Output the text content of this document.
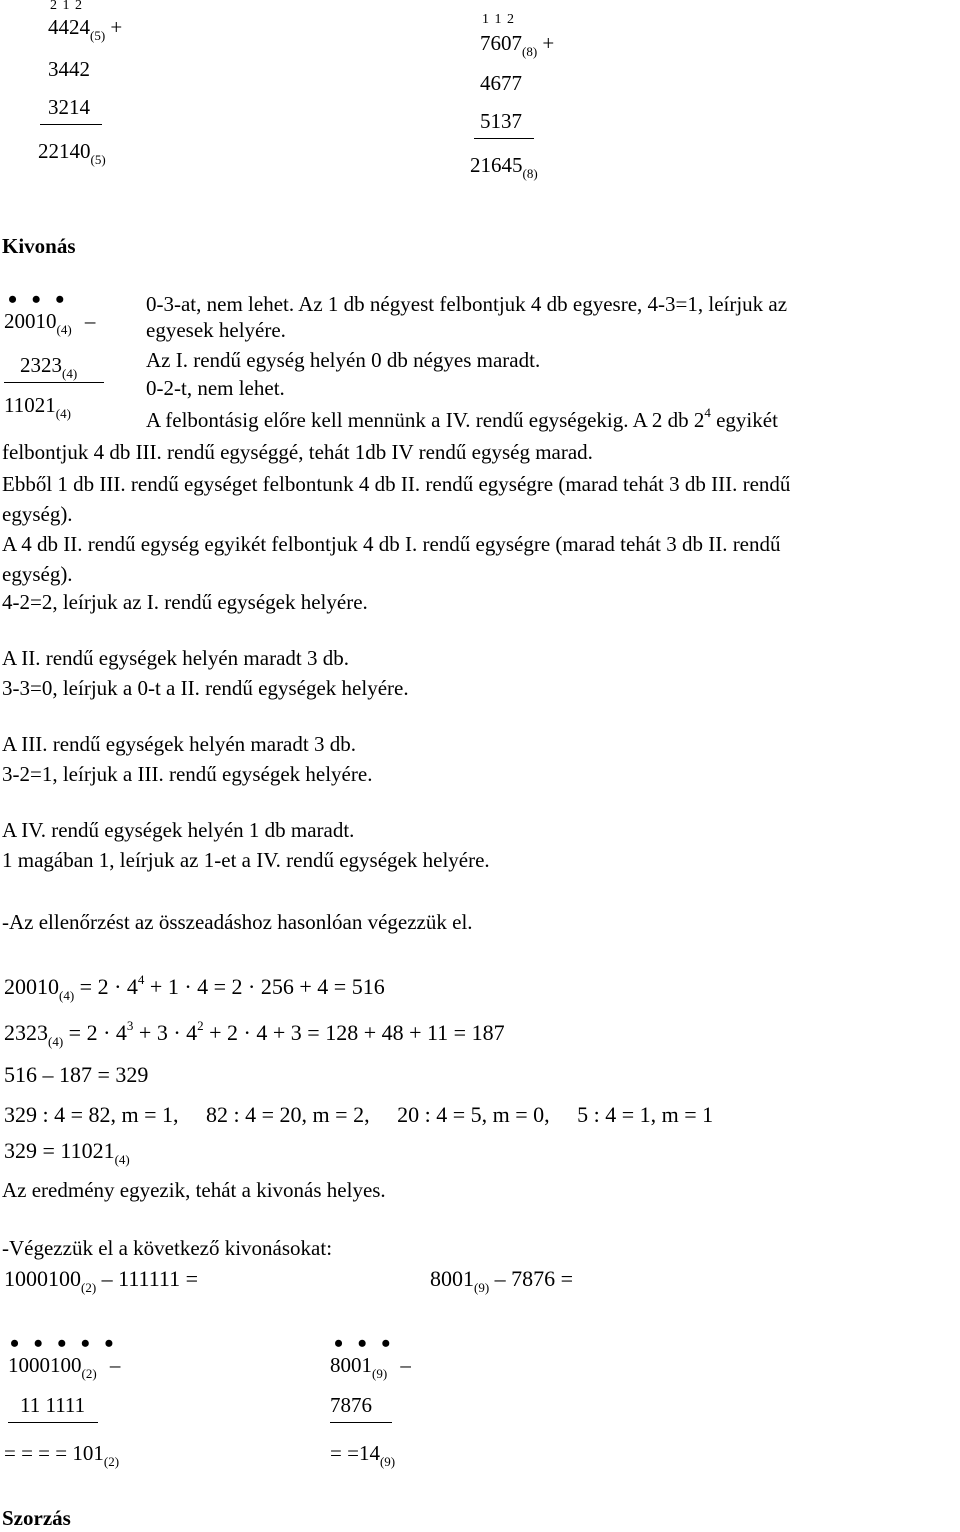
2 1 2
$4424_{(5)}$ +
3442
3214
$22140_{(5)}$
1 1 2
$7607_{(8)}$ +
4677
5137
$21645_{(8)}$
Kivonás
• • •
$20010_{(4)}$ –
$2323_{(4)}$
$11021_{(4)}$
0-3-at, nem lehet. Az 1 db négyest felbontjuk 4 db egyesre, 4-3=1, leírjuk az
egyesek helyére.
Az I. rendű egység helyén 0 db négyes maradt.
0-2-t, nem lehet.
A felbontásig előre kell mennünk a IV. rendű egységekig. A 2 db $2^4$ egyikét
felbontjuk 4 db III. rendű egységgé, tehát 1db IV rendű egység marad.
Ebből 1 db III. rendű egységet felbontunk 4 db II. rendű egységre (marad tehát 3 db III. rendű
egység).
A 4 db II. rendű egység egyikét felbontjuk 4 db I. rendű egységre (marad tehát 3 db II. rendű
egység).
4-2=2, leírjuk az I. rendű egységek helyére.
A II. rendű egységek helyén maradt 3 db.
3-3=0, leírjuk a 0-t a II. rendű egységek helyére.
A III. rendű egységek helyén maradt 3 db.
3-2=1, leírjuk a III. rendű egységek helyére.
A IV. rendű egységek helyén 1 db maradt.
1 magában 1, leírjuk az 1-et a IV. rendű egységek helyére.
-Az ellenőrzést az összeadáshoz hasonlóan végezzük el.
$20010_{(4)} = 2 \cdot 4^4 + 1 \cdot 4 = 2 \cdot 256 + 4 = 516$
$2323_{(4)} = 2 \cdot 4^3 + 3 \cdot 4^2 + 2 \cdot 4 + 3 = 128 + 48 + 11 = 187$
516 – 187 = 329
329 : 4 = 82, m = 1,     82 : 4 = 20, m = 2,     20 : 4 = 5, m = 0,     5 : 4 = 1, m = 1
$329 = 11021_{(4)}$
Az eredmény egyezik, tehát a kivonás helyes.
-Végezzük el a következő kivonásokat:
$1000100_{(2)} - 111111$ =	$8001_{(9)} - 7876$ =
• • • • •
$1000100_{(2)}$ –
11 1111
= = = = $101_{(2)}$
• • •
$8001_{(9)}$ –
7876
= $=14_{(9)}$
Szorzás
